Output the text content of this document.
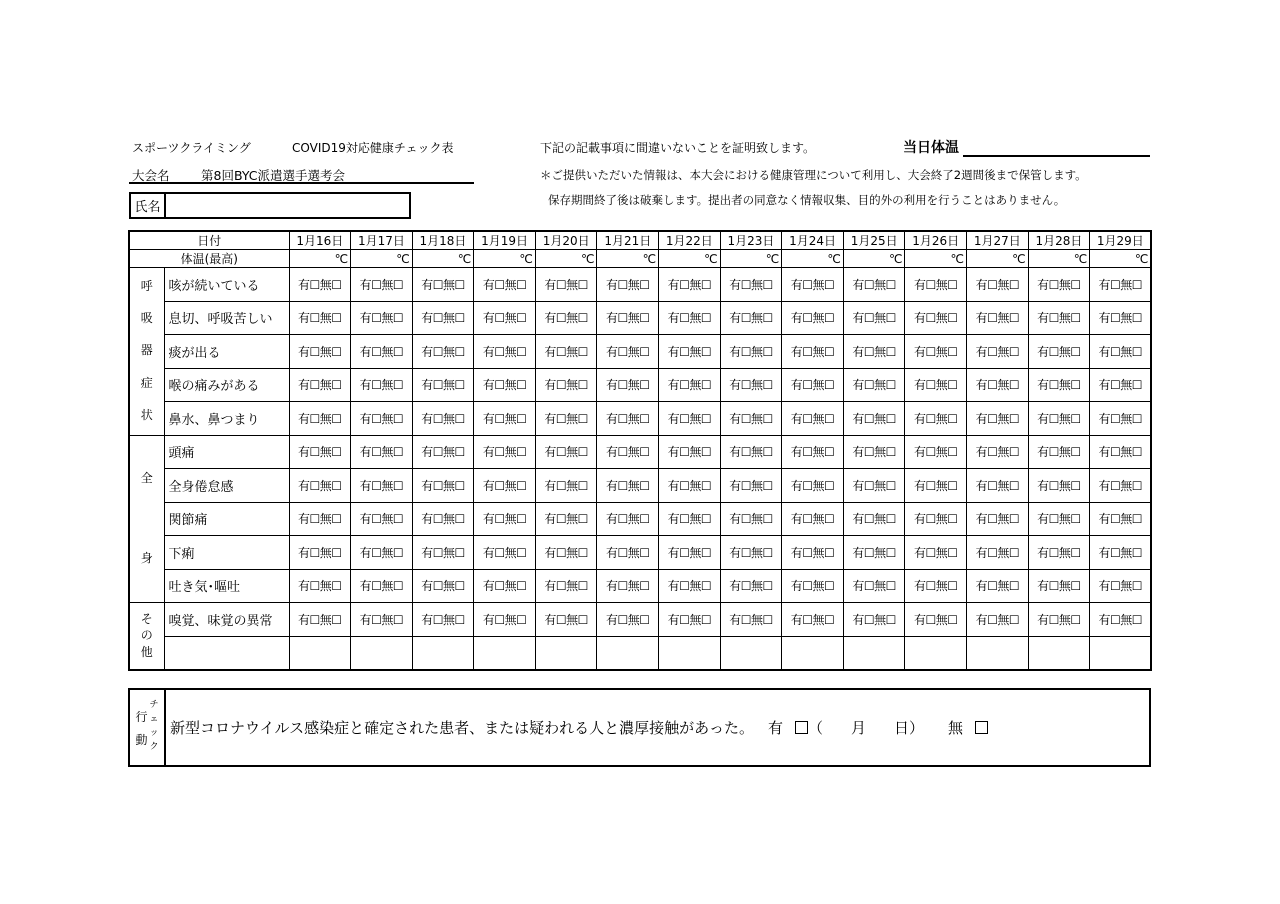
スポーツクライミング	COVID19対応健康チェック表	下記の記載事項に間違いないことを証明致します。	当日体温
大会名	第8回BYC派遣選手選考会	＊ご提供いただいた情報は、本大会における健康管理について利用し、大会終了2週間後まで保管します。
保存期間終了後は破棄します。提出者の同意なく情報収集、目的外の利用を行うことはありません。
氏名
日付		1月16日	1月17日	1月18日	1月19日	1月20日	1月21日	1月22日	1月23日	1月24日	1月25日	1月26日	1月27日	1月28日	1月29日
体温(最高)		℃	℃	℃	℃	℃	℃	℃	℃	℃	℃	℃	℃	℃	℃

呼
吸
器
症
状	咳が続いている	有☐無☐	有☐無☐	有☐無☐	有☐無☐	有☐無☐	有☐無☐	有☐無☐	有☐無☐	有☐無☐	有☐無☐	有☐無☐	有☐無☐	有☐無☐	有☐無☐
	息切、呼吸苦しい	有☐無☐	有☐無☐	有☐無☐	有☐無☐	有☐無☐	有☐無☐	有☐無☐	有☐無☐	有☐無☐	有☐無☐	有☐無☐	有☐無☐	有☐無☐	有☐無☐
	痰が出る	有☐無☐	有☐無☐	有☐無☐	有☐無☐	有☐無☐	有☐無☐	有☐無☐	有☐無☐	有☐無☐	有☐無☐	有☐無☐	有☐無☐	有☐無☐	有☐無☐
	喉の痛みがある	有☐無☐	有☐無☐	有☐無☐	有☐無☐	有☐無☐	有☐無☐	有☐無☐	有☐無☐	有☐無☐	有☐無☐	有☐無☐	有☐無☐	有☐無☐	有☐無☐
	鼻水、鼻つまり	有☐無☐	有☐無☐	有☐無☐	有☐無☐	有☐無☐	有☐無☐	有☐無☐	有☐無☐	有☐無☐	有☐無☐	有☐無☐	有☐無☐	有☐無☐	有☐無☐

全
身	頭痛	有☐無☐	有☐無☐	有☐無☐	有☐無☐	有☐無☐	有☐無☐	有☐無☐	有☐無☐	有☐無☐	有☐無☐	有☐無☐	有☐無☐	有☐無☐	有☐無☐
	全身倦怠感	有☐無☐	有☐無☐	有☐無☐	有☐無☐	有☐無☐	有☐無☐	有☐無☐	有☐無☐	有☐無☐	有☐無☐	有☐無☐	有☐無☐	有☐無☐	有☐無☐
	関節痛	有☐無☐	有☐無☐	有☐無☐	有☐無☐	有☐無☐	有☐無☐	有☐無☐	有☐無☐	有☐無☐	有☐無☐	有☐無☐	有☐無☐	有☐無☐	有☐無☐
	下痢	有☐無☐	有☐無☐	有☐無☐	有☐無☐	有☐無☐	有☐無☐	有☐無☐	有☐無☐	有☐無☐	有☐無☐	有☐無☐	有☐無☐	有☐無☐	有☐無☐
	吐き気･嘔吐	有☐無☐	有☐無☐	有☐無☐	有☐無☐	有☐無☐	有☐無☐	有☐無☐	有☐無☐	有☐無☐	有☐無☐	有☐無☐	有☐無☐	有☐無☐	有☐無☐

そ
の
他	嗅覚、味覚の異常	有☐無☐	有☐無☐	有☐無☐	有☐無☐	有☐無☐	有☐無☐	有☐無☐	有☐無☐	有☐無☐	有☐無☐	有☐無☐	有☐無☐	有☐無☐	有☐無☐

行
動
チ
ェ
ッ
ク
新型コロナウイルス感染症と確定された患者、または疑われる人と濃厚接触があった。 有 （ 月 日） 無
